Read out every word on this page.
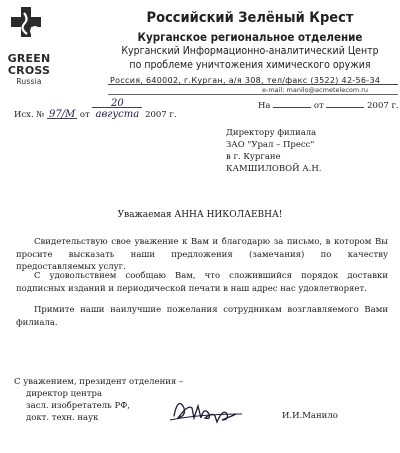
GREEN
CROSS
Russia
Российский Зелёный Крест
Курганское региональное отделение
Курганский Информационно-аналитический Центр
по проблеме уничтожения химического оружия
Россия, 640002, г.Курган, а/я 308, тел/факс (3522) 42-56-34
e-mail: manilo@acmetelecom.ru
Исх. № 97/М от 20 августа 2007 г.
На	от	2007 г.
Директору филиала
ЗАО "Урал – Пресс"
в г. Кургане
КАМШИЛОВОЙ А.Н.
Уважаемая АННА НИКОЛАЕВНА!
Свидетельствую свое уважение к Вам и благодарю за письмо, в котором Вы просите высказать наши предложения (замечания) по качеству предоставляемых услуг.
С удовольствием сообщаю Вам, что сложившийся порядок доставки подписных изданий и периодической печати в наш адрес нас удовлетворяет.
Примите наши наилучшие пожелания сотрудникам возглавляемого Вами филиала.
С уважением, президент отделения –
директор центра
засл. изобретатель РФ,
докт. техн. наук	И.И.Манило
